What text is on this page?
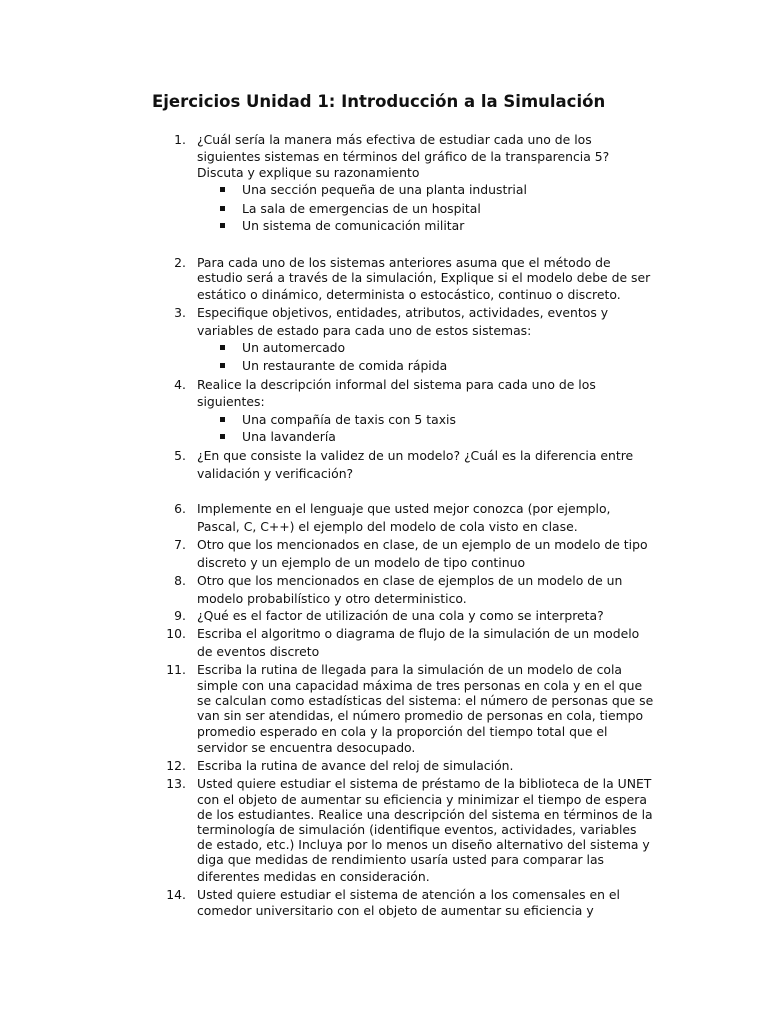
Ejercicios Unidad 1: Introducción a la Simulación
1. ¿Cuál sería la manera más efectiva de estudiar cada uno de los
siguientes sistemas en términos del gráfico de la transparencia 5?
Discuta y explique su razonamiento
Una sección pequeña de una planta industrial
La sala de emergencias de un hospital
Un sistema de comunicación militar
2. Para cada uno de los sistemas anteriores asuma que el método de
estudio será a través de la simulación, Explique si el modelo debe de ser
estático o dinámico, determinista o estocástico, continuo o discreto.
3. Especifique objetivos, entidades, atributos, actividades, eventos y
variables de estado para cada uno de estos sistemas:
Un automercado
Un restaurante de comida rápida
4. Realice la descripción informal del sistema para cada uno de los
siguientes:
Una compañía de taxis con 5 taxis
Una lavandería
5. ¿En que consiste la validez de un modelo? ¿Cuál es la diferencia entre
validación y verificación?
6. Implemente en el lenguaje que usted mejor conozca (por ejemplo,
Pascal, C, C++) el ejemplo del modelo de cola visto en clase.
7. Otro que los mencionados en clase, de un ejemplo de un modelo de tipo
discreto y un ejemplo de un modelo de tipo continuo
8. Otro que los mencionados en clase de ejemplos de un modelo de un
modelo probabilístico y otro deterministico.
9. ¿Qué es el factor de utilización de una cola y como se interpreta?
10. Escriba el algoritmo o diagrama de flujo de la simulación de un modelo
de eventos discreto
11. Escriba la rutina de llegada para la simulación de un modelo de cola
simple con una capacidad máxima de tres personas en cola y en el que
se calculan como estadísticas del sistema: el número de personas que se
van sin ser atendidas, el número promedio de personas en cola, tiempo
promedio esperado en cola y la proporción del tiempo total que el
servidor se encuentra desocupado.
12. Escriba la rutina de avance del reloj de simulación.
13. Usted quiere estudiar el sistema de préstamo de la biblioteca de la UNET
con el objeto de aumentar su eficiencia y minimizar el tiempo de espera
de los estudiantes. Realice una descripción del sistema en términos de la
terminología de simulación (identifique eventos, actividades, variables
de estado, etc.) Incluya por lo menos un diseño alternativo del sistema y
diga que medidas de rendimiento usaría usted para comparar las
diferentes medidas en consideración.
14. Usted quiere estudiar el sistema de atención a los comensales en el
comedor universitario con el objeto de aumentar su eficiencia y
